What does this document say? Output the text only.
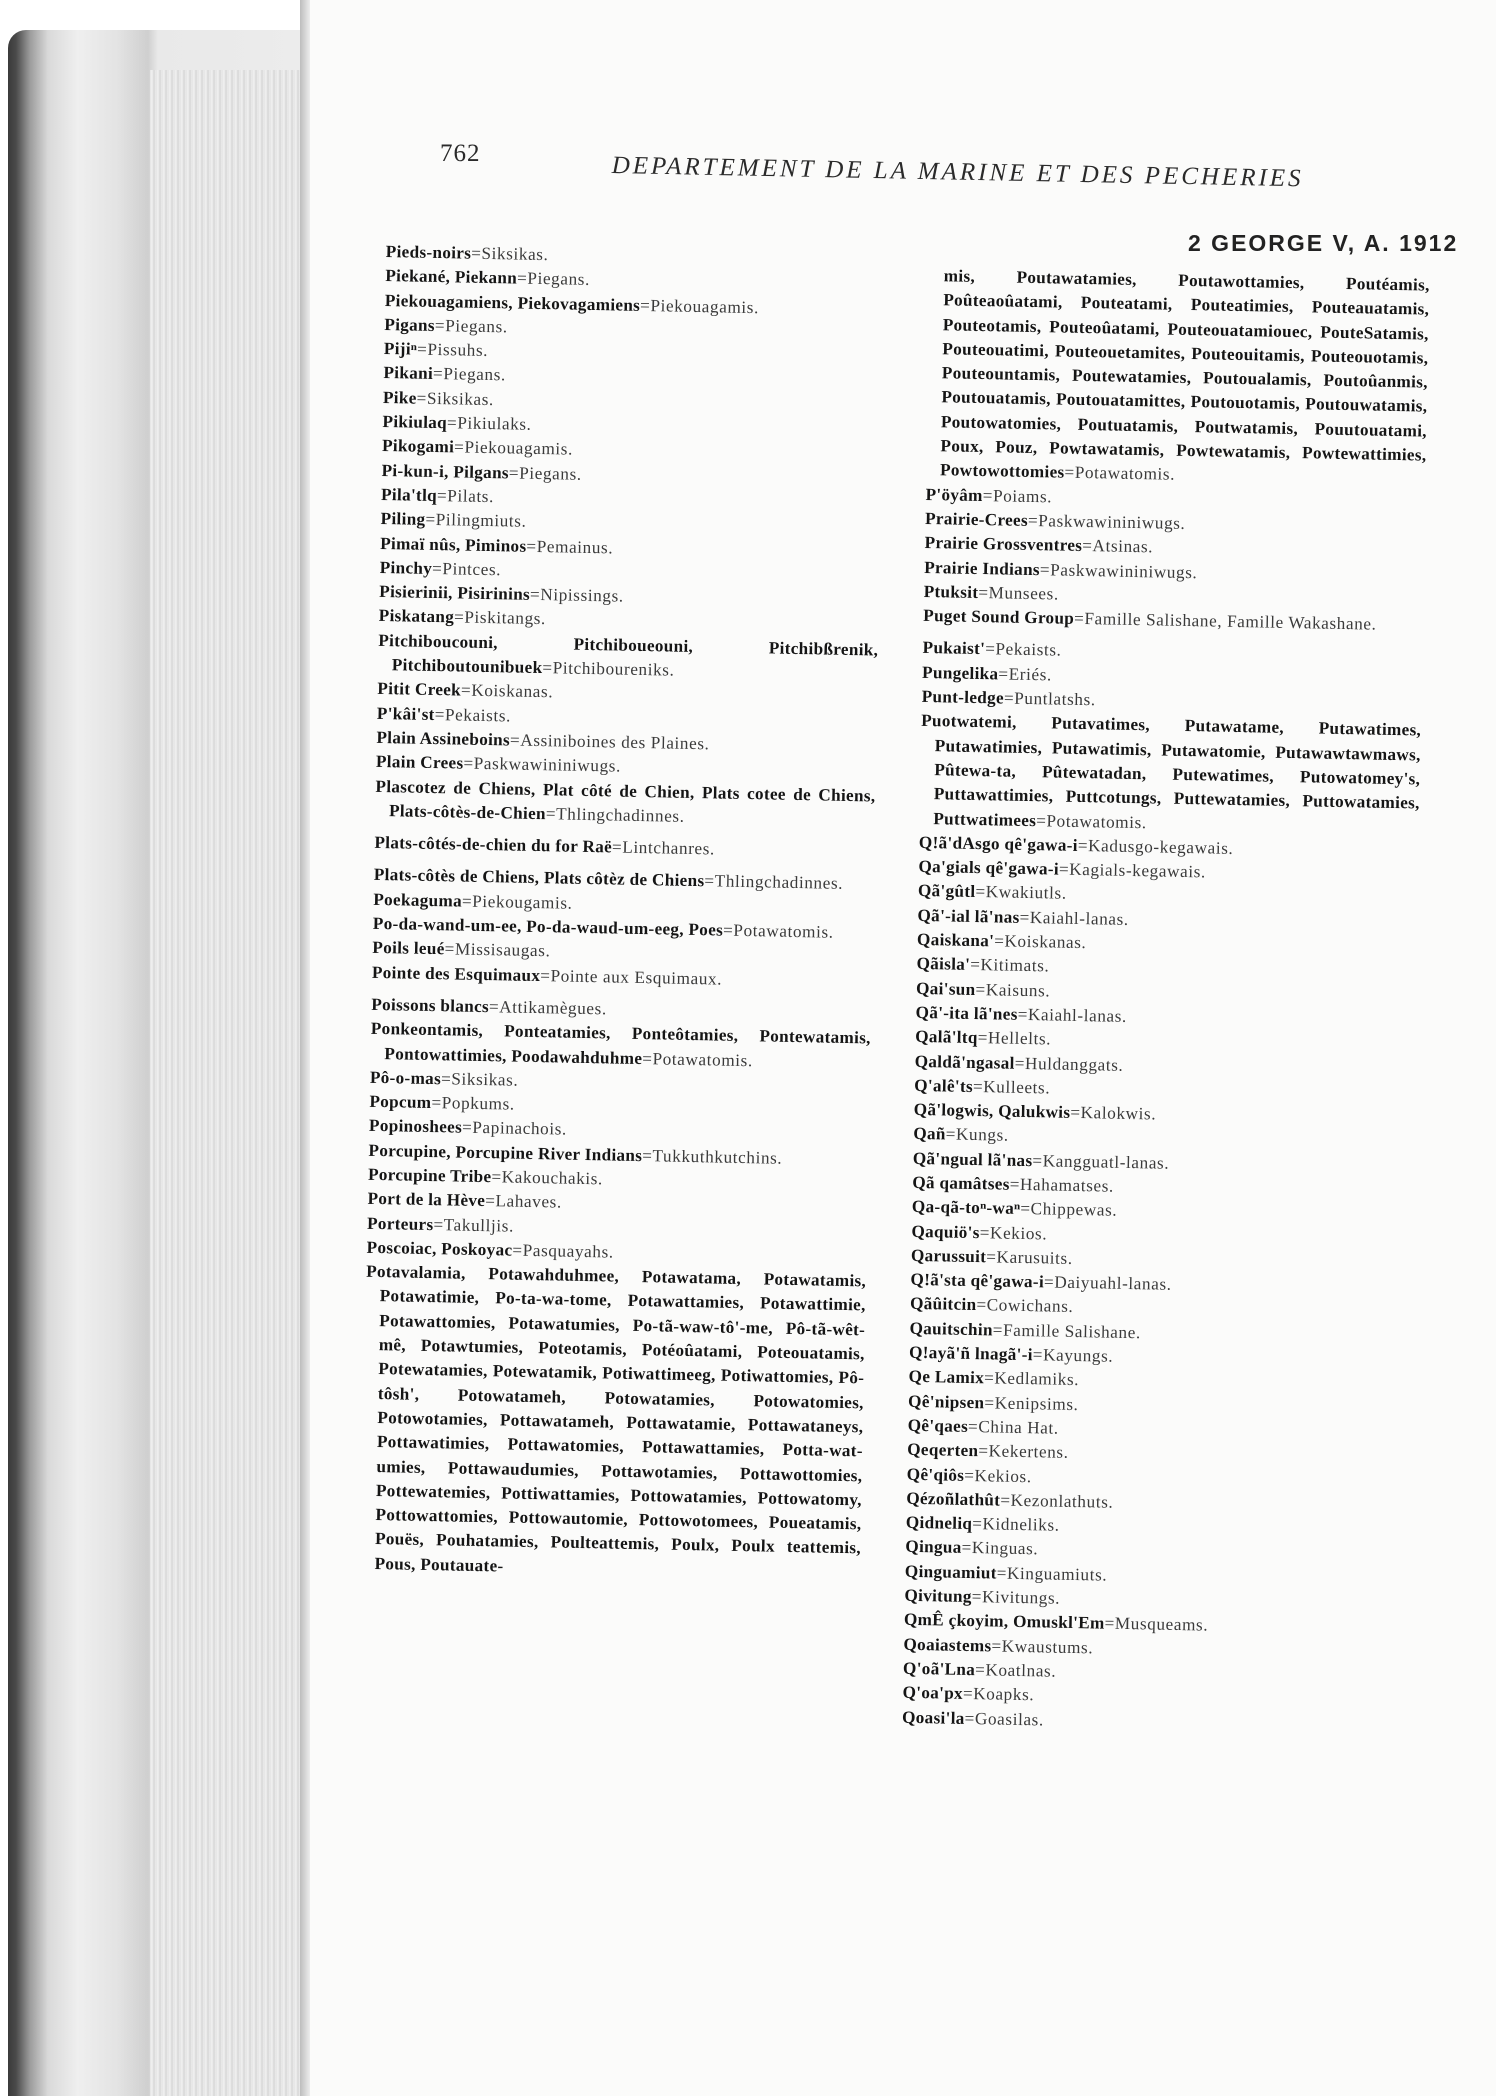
762	DEPARTEMENT DE LA MARINE ET DES PECHERIES
2 GEORGE V, A. 1912
Pieds-noirs=Siksikas.
Piekané, Piekann=Piegans.
Piekouagamiens, Piekovagamiens=Piekouagamis.
Pigans=Piegans.
Pijiⁿ=Pissuhs.
Pikani=Piegans.
Pike=Siksikas.
Pikiulaq=Pikiulaks.
Pikogami=Piekouagamis.
Pi-kun-i, Pilgans=Piegans.
Pila'tlq=Pilats.
Piling=Pilingmiuts.
Pimaï nûs, Piminos=Pemainus.
Pinchy=Pintces.
Pisierinii, Pisirinins=Nipissings.
Piskatang=Piskitangs.
Pitchiboucouni, Pitchiboueouni, Pitchibßrenik, Pitchiboutounibuek=Pitchiboureniks.
Pitit Creek=Koiskanas.
P'kâi'st=Pekaists.
Plain Assineboins=Assiniboines des Plaines.
Plain Crees=Paskwawininiwugs.
Plascotez de Chiens, Plat côté de Chien, Plats cotee de Chiens, Plats-côtès-de-Chien=Thlingchadinnes.
Plats-côtés-de-chien du for Raë=Lintchanres.
Plats-côtès de Chiens, Plats côtèz de Chiens=Thlingchadinnes.
Poekaguma=Piekougamis.
Po-da-wand-um-ee, Po-da-waud-um-eeg, Poes=Potawatomis.
Poils leué=Missisaugas.
Pointe des Esquimaux=Pointe aux Esquimaux.
Poissons blancs=Attikamègues.
Ponkeontamis, Ponteatamies, Ponteôtamies, Pontewatamis, Pontowattimies, Poodawahduhme=Potawatomis.
Pô-o-mas=Siksikas.
Popcum=Popkums.
Popinoshees=Papinachois.
Porcupine, Porcupine River Indians=Tukkuthkutchins.
Porcupine Tribe=Kakouchakis.
Port de la Hève=Lahaves.
Porteurs=Takulljis.
Poscoiac, Poskoyac=Pasquayahs.
Potavalamia, Potawahduhmee, Potawatama, Potawatamis, Potawatimie, Po-ta-wa-tome, Potawattamies, Potawattimie, Potawattomies, Potawatumies, Po-tã-waw-tô'-me, Pô-tã-wêt-mê, Potawtumies, Poteotamis, Potéoûatami, Poteouatamis, Potewatamies, Potewatamik, Potiwattimeeg, Potiwattomies, Pô-tôsh', Potowatameh, Potowatamies, Potowatomies, Potowotamies, Pottawatameh, Pottawatamie, Pottawataneys, Pottawatimies, Pottawatomies, Pottawattamies, Potta-wat-umies, Pottawaudumies, Pottawotamies, Pottawottomies, Pottewatemies, Pottiwattamies, Pottowatamies, Pottowatomy, Pottowattomies, Pottowautomie, Pottowotomees, Poueatamis, Pouës, Pouhatamies, Poulteattemis, Poulx, Poulx teattemis, Pous, Poutauate-
mis, Poutawatamies, Poutawottamies, Poutéamis, Poûteaoûatami, Pouteatami, Pouteatimies, Pouteauatamis, Pouteotamis, Pouteoûatami, Pouteouatamiouec, PouteSatamis, Pouteouatimi, Pouteouetamites, Pouteouitamis, Pouteouotamis, Pouteountamis, Poutewatamies, Poutoualamis, Poutoûanmis, Poutouatamis, Poutouatamittes, Poutouotamis, Poutouwatamis, Poutowatomies, Poutuatamis, Poutwatamis, Pouutouatami, Poux, Pouz, Powtawatamis, Powtewatamis, Powtewattimies, Powtowottomies=Potawatomis.
P'öyâm=Poiams.
Prairie-Crees=Paskwawininiwugs.
Prairie Grossventres=Atsinas.
Prairie Indians=Paskwawininiwugs.
Ptuksit=Munsees.
Puget Sound Group=Famille Salishane, Famille Wakashane.
Pukaist'=Pekaists.
Pungelika=Eriés.
Punt-ledge=Puntlatshs.
Puotwatemi, Putavatimes, Putawatame, Putawatimes, Putawatimies, Putawatimis, Putawatomie, Putawawtawmaws, Pûtewa-ta, Pûtewatadan, Putewatimes, Putowatomey's, Puttawattimies, Puttcotungs, Puttewatamies, Puttowatamies, Puttwatimees=Potawatomis.
Q!ã'dAsgo qê'gawa-i=Kadusgo-kegawais.
Qa'gials qê'gawa-i=Kagials-kegawais.
Qã'gûtl=Kwakiutls.
Qã'-ial lã'nas=Kaiahl-lanas.
Qaiskana'=Koiskanas.
Qãisla'=Kitimats.
Qai'sun=Kaisuns.
Qã'-ita lã'nes=Kaiahl-lanas.
Qalã'ltq=Hellelts.
Qaldã'ngasal=Huldanggats.
Q'alê'ts=Kulleets.
Qã'logwis, Qalukwis=Kalokwis.
Qañ=Kungs.
Qã'ngual lã'nas=Kangguatl-lanas.
Qã qamâtses=Hahamatses.
Qa-qã-toⁿ-waⁿ=Chippewas.
Qaquiö's=Kekios.
Qarussuit=Karusuits.
Q!ã'sta qê'gawa-i=Daiyuahl-lanas.
Qãûitcin=Cowichans.
Qauitschin=Famille Salishane.
Q!ayã'ñ lnagã'-i=Kayungs.
Qe Lamix=Kedlamiks.
Qê'nipsen=Kenipsims.
Qê'qaes=China Hat.
Qeqerten=Kekertens.
Qê'qiôs=Kekios.
Qézoñlathût=Kezonlathuts.
Qidneliq=Kidneliks.
Qingua=Kinguas.
Qinguamiut=Kinguamiuts.
Qivitung=Kivitungs.
QmÊ çkoyim, Omuskl'Em=Musqueams.
Qoaiastems=Kwaustums.
Q'oã'Lna=Koatlnas.
Q'oa'px=Koapks.
Qoasi'la=Goasilas.
